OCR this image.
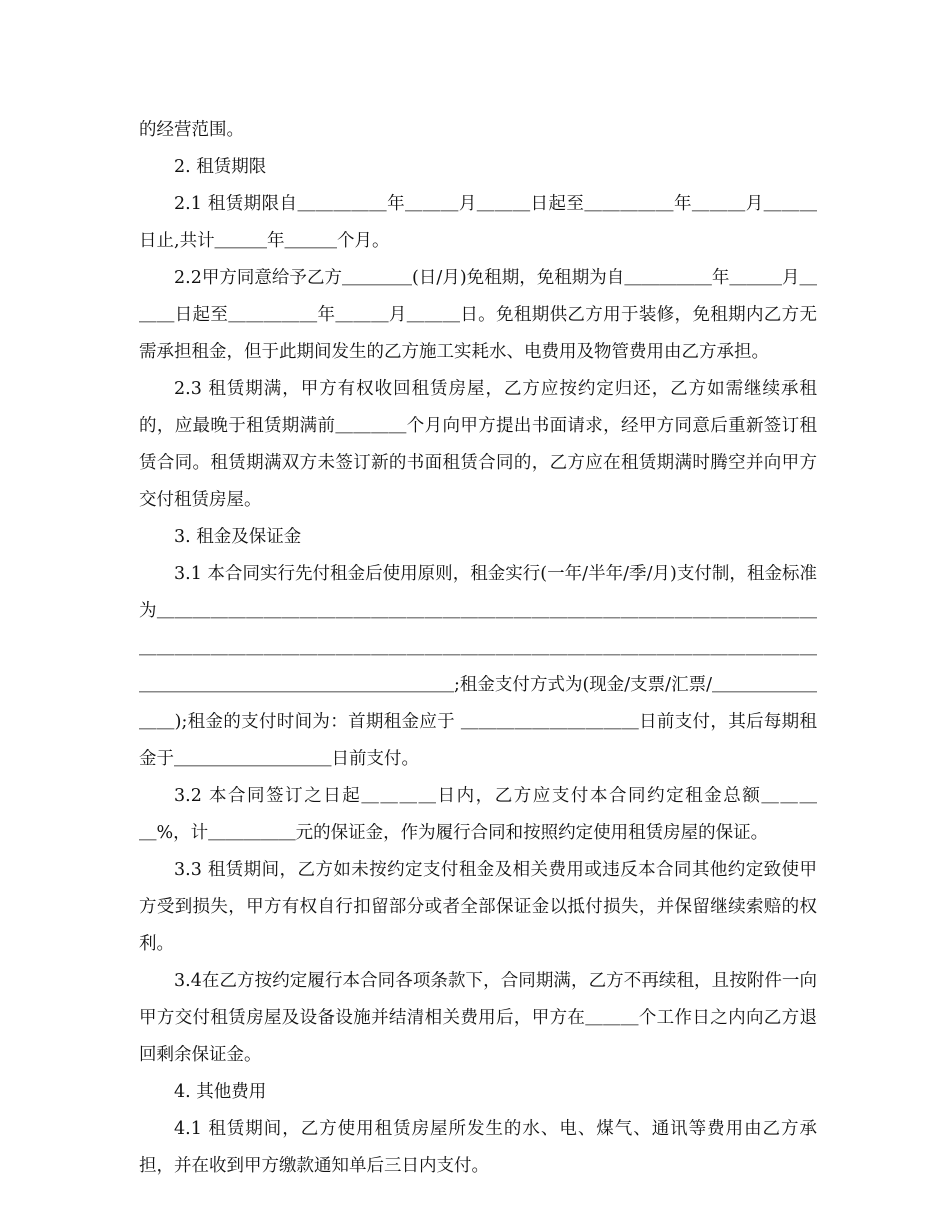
的经营范围。

2. 租赁期限

2.1 租赁期限自＿＿＿＿＿年＿＿＿月＿＿＿日起至＿＿＿＿＿年＿＿＿月＿＿＿日止,共计＿＿＿年＿＿＿个月。

2.2甲方同意给予乙方＿＿＿＿(日/月)免租期，免租期为自＿＿＿＿＿年＿＿＿月＿＿＿日起至＿＿＿＿＿年＿＿＿月＿＿＿日。免租期供乙方用于装修，免租期内乙方无需承担租金，但于此期间发生的乙方施工实耗水、电费用及物管费用由乙方承担。

2.3 租赁期满，甲方有权收回租赁房屋，乙方应按约定归还，乙方如需继续承租的，应最晚于租赁期满前＿＿＿＿个月向甲方提出书面请求，经甲方同意后重新签订租赁合同。租赁期满双方未签订新的书面租赁合同的，乙方应在租赁期满时腾空并向甲方交付租赁房屋。

3. 租金及保证金

3.1 本合同实行先付租金后使用原则，租金实行(一年/半年/季/月)支付制，租金标准为＿＿＿＿＿＿＿＿＿＿＿＿＿＿＿＿＿＿＿＿＿＿＿＿＿＿＿＿＿＿＿＿＿＿＿＿＿＿＿＿＿＿＿＿＿＿＿＿＿＿＿＿＿＿＿＿＿＿＿＿＿＿＿＿＿＿＿＿＿＿＿＿＿＿＿＿＿＿＿＿＿＿＿＿＿＿＿＿＿＿＿＿＿;租金支付方式为(现金/支票/汇票/＿＿＿＿＿＿＿＿);租金的支付时间为：首期租金应于 ＿＿＿＿＿＿＿＿＿＿日前支付，其后每期租金于＿＿＿＿＿＿＿＿＿日前支付。

3.2 本合同签订之日起＿＿＿＿日内，乙方应支付本合同约定租金总额＿＿＿＿%，计＿＿＿＿＿元的保证金，作为履行合同和按照约定使用租赁房屋的保证。

3.3 租赁期间，乙方如未按约定支付租金及相关费用或违反本合同其他约定致使甲方受到损失，甲方有权自行扣留部分或者全部保证金以抵付损失，并保留继续索赔的权利。

3.4在乙方按约定履行本合同各项条款下，合同期满，乙方不再续租，且按附件一向甲方交付租赁房屋及设备设施并结清相关费用后，甲方在＿＿＿个工作日之内向乙方退回剩余保证金。

4. 其他费用

4.1 租赁期间，乙方使用租赁房屋所发生的水、电、煤气、通讯等费用由乙方承担，并在收到甲方缴款通知单后三日内支付。
